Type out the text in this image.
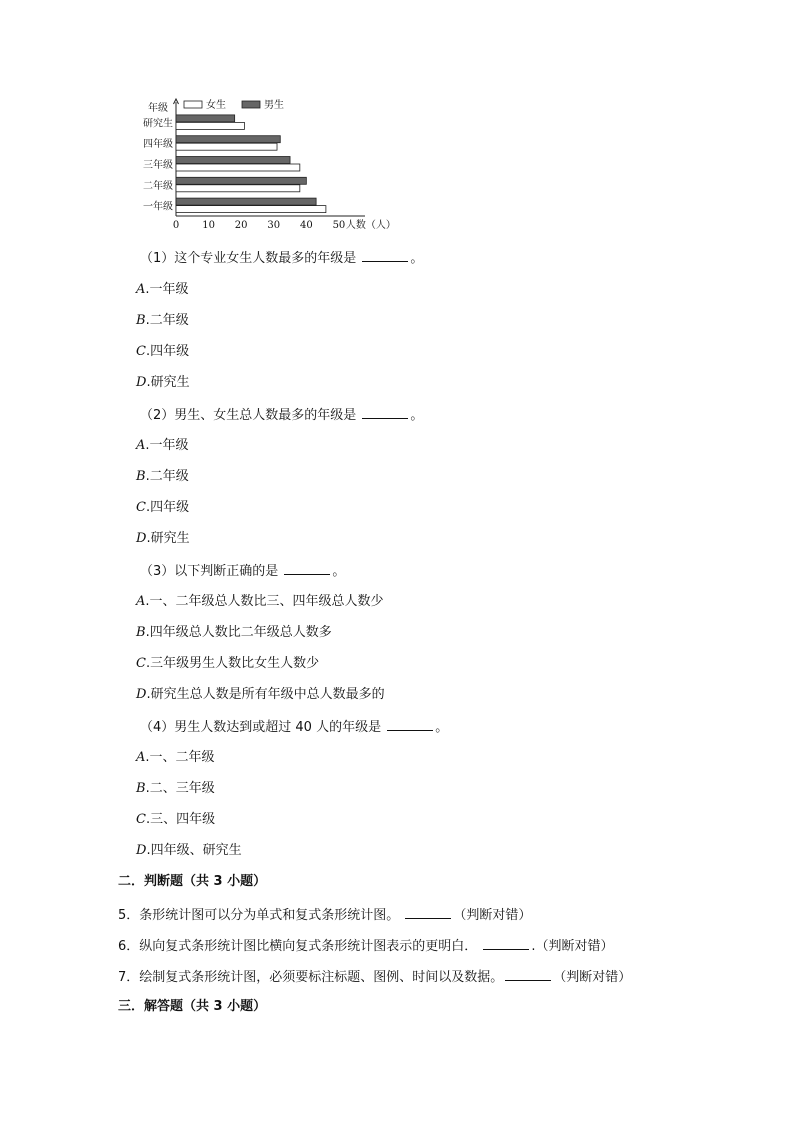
年级	女生	男生
研究生
四年级
三年级
二年级
一年级
0 10 20 30 40 50 人数（人）
（1）这个专业女生人数最多的年级是	。
A.一年级
B.二年级
C.四年级
D.研究生
（2）男生、女生总人数最多的年级是	。
A.一年级
B.二年级
C.四年级
D.研究生
（3）以下判断正确的是	。
A.一、二年级总人数比三、四年级总人数少
B.四年级总人数比二年级总人数多
C.三年级男生人数比女生人数少
D.研究生总人数是所有年级中总人数最多的
（4）男生人数达到或超过 40 人的年级是	。
A.一、二年级
B.二、三年级
C.三、四年级
D.四年级、研究生
二．判断题（共 3 小题）
5．条形统计图可以分为单式和复式条形统计图。	（判断对错）
6．纵向复式条形统计图比横向复式条形统计图表示的更明白．	.（判断对错）
7．绘制复式条形统计图，必须要标注标题、图例、时间以及数据。	（判断对错）
三．解答题（共 3 小题）
